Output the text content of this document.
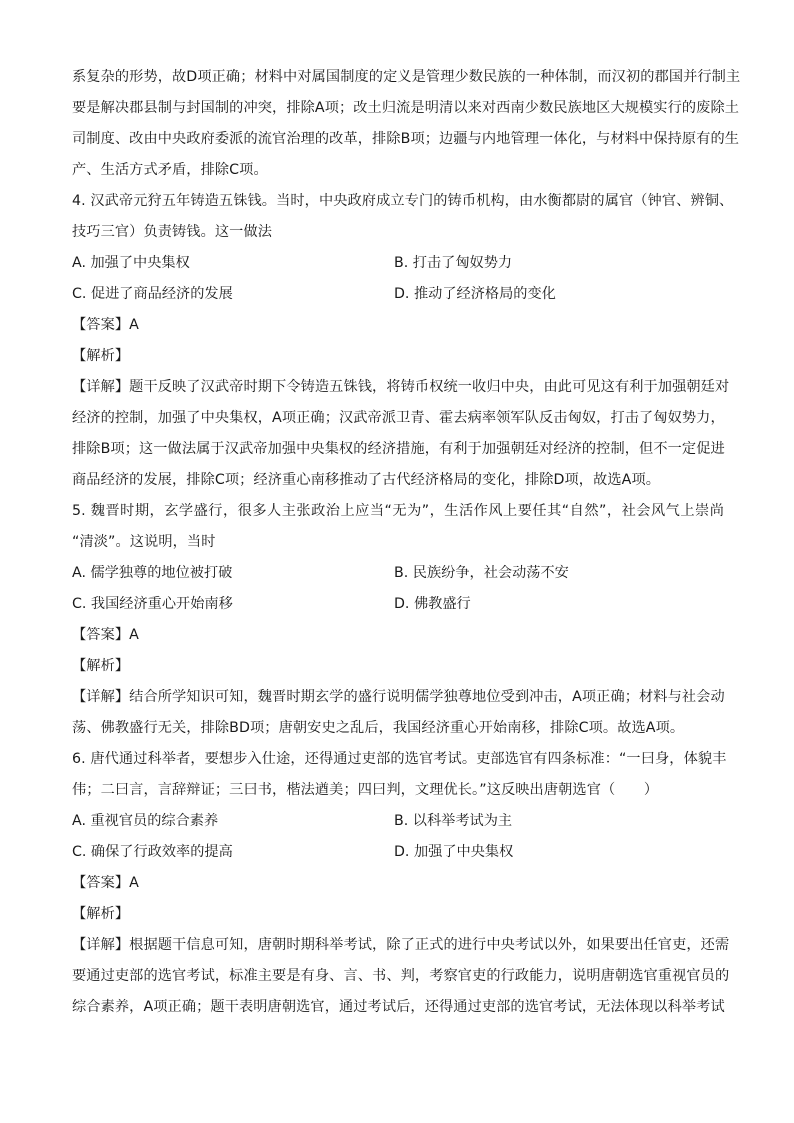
系复杂的形势，故D项正确；材料中对属国制度的定义是管理少数民族的一种体制，而汉初的郡国并行制主
要是解决郡县制与封国制的冲突，排除A项；改土归流是明清以来对西南少数民族地区大规模实行的废除土
司制度、改由中央政府委派的流官治理的改革，排除B项；边疆与内地管理一体化，与材料中保持原有的生
产、生活方式矛盾，排除C项。
4. 汉武帝元狩五年铸造五铢钱。当时，中央政府成立专门的铸币机构，由水衡都尉的属官（钟官、辨铜、
技巧三官）负责铸钱。这一做法
A. 加强了中央集权	B. 打击了匈奴势力
C. 促进了商品经济的发展	D. 推动了经济格局的变化
【答案】A
【解析】
【详解】题干反映了汉武帝时期下令铸造五铢钱，将铸币权统一收归中央，由此可见这有利于加强朝廷对
经济的控制，加强了中央集权，A项正确；汉武帝派卫青、霍去病率领军队反击匈奴，打击了匈奴势力，
排除B项；这一做法属于汉武帝加强中央集权的经济措施，有利于加强朝廷对经济的控制，但不一定促进
商品经济的发展，排除C项；经济重心南移推动了古代经济格局的变化，排除D项，故选A项。
5. 魏晋时期，玄学盛行，很多人主张政治上应当“无为”，生活作风上要任其“自然”，社会风气上崇尚
“清淡”。这说明，当时
A. 儒学独尊的地位被打破	B. 民族纷争，社会动荡不安
C. 我国经济重心开始南移	D. 佛教盛行
【答案】A
【解析】
【详解】结合所学知识可知，魏晋时期玄学的盛行说明儒学独尊地位受到冲击，A项正确；材料与社会动
荡、佛教盛行无关，排除BD项；唐朝安史之乱后，我国经济重心开始南移，排除C项。故选A项。
6. 唐代通过科举者，要想步入仕途，还得通过吏部的选官考试。吏部选官有四条标准：“一曰身，体貌丰
伟；二曰言，言辞辩证；三曰书，楷法遒美；四曰判，文理优长。”这反映出唐朝选官（　　）
A. 重视官员的综合素养	B. 以科举考试为主
C. 确保了行政效率的提高	D. 加强了中央集权
【答案】A
【解析】
【详解】根据题干信息可知，唐朝时期科举考试，除了正式的进行中央考试以外，如果要出任官吏，还需
要通过吏部的选官考试，标准主要是有身、言、书、判，考察官吏的行政能力，说明唐朝选官重视官员的
综合素养，A项正确；题干表明唐朝选官，通过考试后，还得通过吏部的选官考试，无法体现以科举考试
